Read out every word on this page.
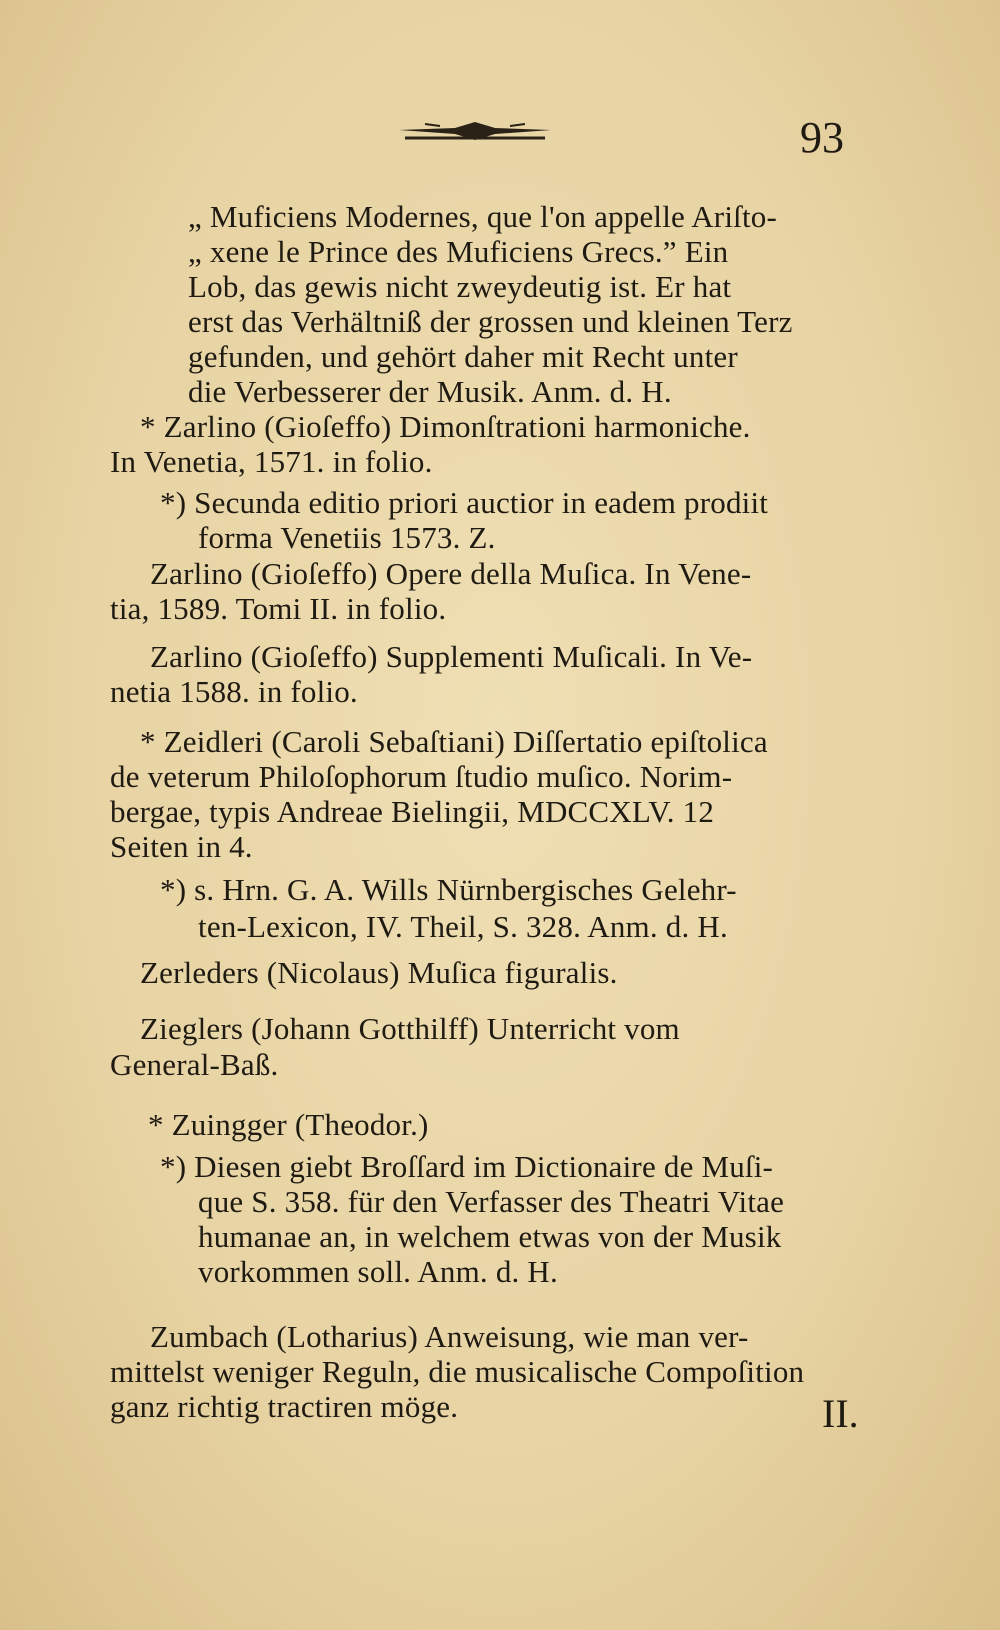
93
„ Muficiens Modernes, que l'on appelle Ariſto-
„ xene le Prince des Muficiens Grecs.” Ein
Lob, das gewis nicht zweydeutig ist. Er hat
erst das Verhältniß der grossen und kleinen Terz
gefunden, und gehört daher mit Recht unter
die Verbesserer der Musik. Anm. d. H.
* Zarlino (Gioſeffo) Dimonſtrationi harmoniche.
In Venetia, 1571. in folio.
*) Secunda editio priori auctior in eadem prodiit
forma Venetiis 1573. Z.
Zarlino (Gioſeffo) Opere della Muſica. In Vene-
tia, 1589. Tomi II. in folio.
Zarlino (Gioſeffo) Supplementi Muſicali. In Ve-
netia 1588. in folio.
* Zeidleri (Caroli Sebaſtiani) Diſſertatio epiſtolica
de veterum Philoſophorum ſtudio muſico. Norim-
bergae, typis Andreae Bielingii, MDCCXLV. 12
Seiten in 4.
*) s. Hrn. G. A. Wills Nürnbergisches Gelehr-
ten-Lexicon, IV. Theil, S. 328. Anm. d. H.
Zerleders (Nicolaus) Muſica figuralis.
Zieglers (Johann Gotthilff) Unterricht vom
General-Baß.
* Zuingger (Theodor.)
*) Diesen giebt Broſſard im Dictionaire de Muſi-
que S. 358. für den Verfasser des Theatri Vitae
humanae an, in welchem etwas von der Musik
vorkommen soll. Anm. d. H.
Zumbach (Lotharius) Anweisung, wie man ver-
mittelst weniger Reguln, die musicalische Compoſition
ganz richtig tractiren möge.	II.
